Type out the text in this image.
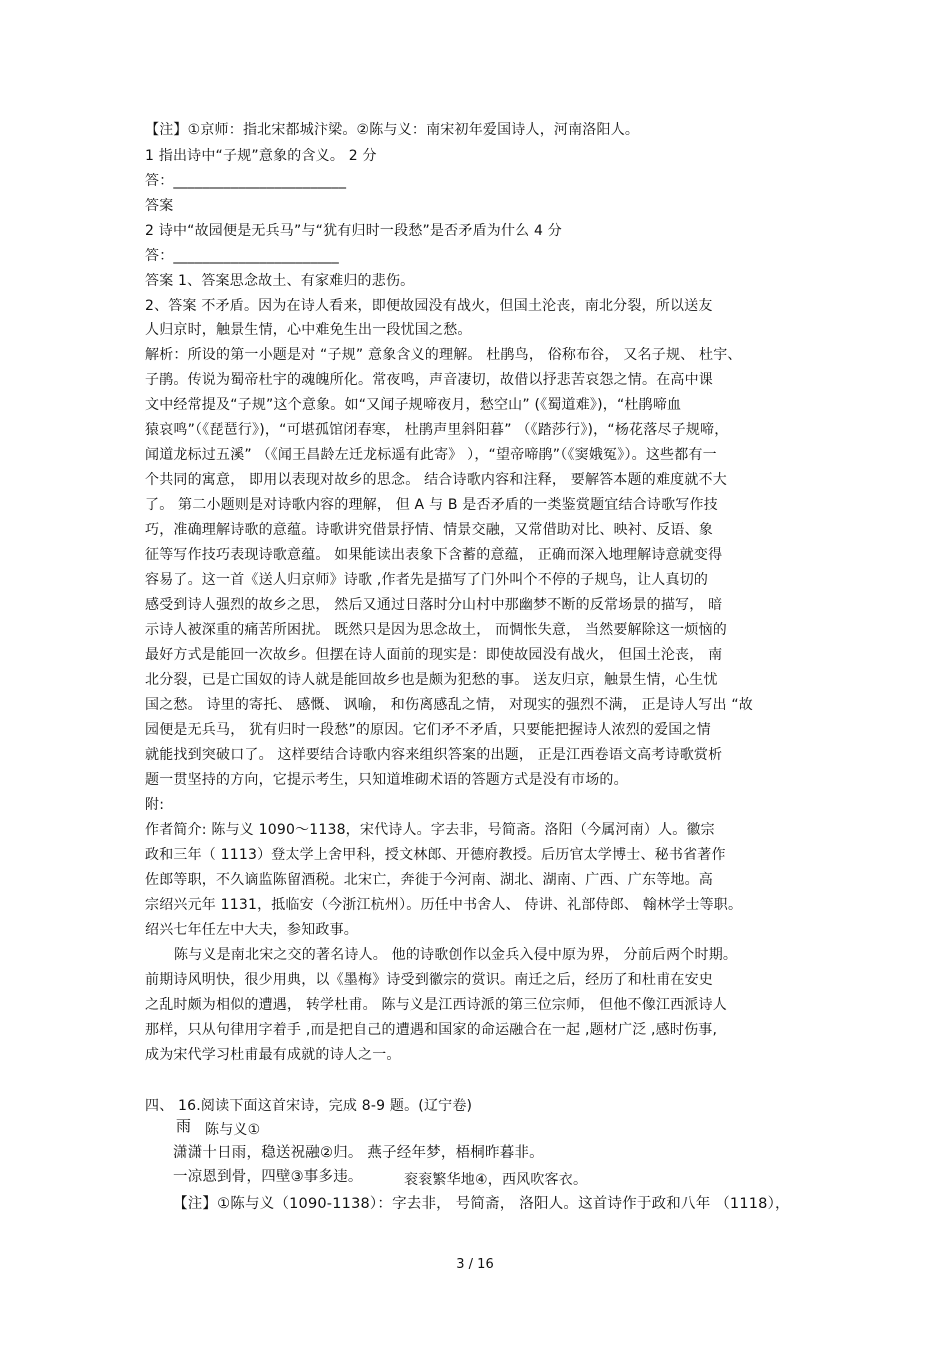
【注】①京师：指北宋都城汴梁。②陈与义：南宋初年爱国诗人，河南洛阳人。
1 指出诗中“子规”意象的含义。 2 分
答：________________________
答案
2 诗中“故园便是无兵马”与“犹有归时一段愁”是否矛盾为什么 4 分
答：_______________________
答案 1、答案思念故土、有家难归的悲伤。
2、答案 不矛盾。因为在诗人看来，即便故园没有战火，但国土沦丧，南北分裂，所以送友
人归京时，触景生情，心中难免生出一段忧国之愁。
解析：所设的第一小题是对 “子规” 意象含义的理解。 杜鹃鸟， 俗称布谷， 又名子规、 杜宇、
子鹃。传说为蜀帝杜宇的魂魄所化。常夜鸣，声音凄切，故借以抒悲苦哀怨之情。在高中课
文中经常提及“子规”这个意象。如“又闻子规啼夜月，愁空山” (《蜀道难》)，“杜鹃啼血
猿哀鸣”（《琵琶行》)，“可堪孤馆闭春寒， 杜鹃声里斜阳暮” （《踏莎行》)，“杨花落尽子规啼，
闻道龙标过五溪” （《闻王昌龄左迁龙标遥有此寄》 ），“望帝啼鹃”（《窦娥冤》）。这些都有一
个共同的寓意， 即用以表现对故乡的思念。 结合诗歌内容和注释， 要解答本题的难度就不大
了。 第二小题则是对诗歌内容的理解， 但 A 与 B 是否矛盾的一类鉴赏题宜结合诗歌写作技
巧，准确理解诗歌的意蕴。诗歌讲究借景抒情、情景交融，又常借助对比、映衬、反语、象
征等写作技巧表现诗歌意蕴。 如果能读出表象下含蓄的意蕴， 正确而深入地理解诗意就变得
容易了。这一首《送人归京师》诗歌 ,作者先是描写了门外叫个不停的子规鸟，让人真切的
感受到诗人强烈的故乡之思， 然后又通过日落时分山村中那幽梦不断的反常场景的描写， 暗
示诗人被深重的痛苦所困扰。 既然只是因为思念故土， 而惆怅失意， 当然要解除这一烦恼的
最好方式是能回一次故乡。但摆在诗人面前的现实是：即使故园没有战火， 但国土沦丧， 南
北分裂，已是亡国奴的诗人就是能回故乡也是颇为犯愁的事。 送友归京，触景生情，心生忧
国之愁。 诗里的寄托、 感慨、 讽喻， 和伤离感乱之情， 对现实的强烈不满， 正是诗人写出 “故
园便是无兵马， 犹有归时一段愁”的原因。它们矛不矛盾，只要能把握诗人浓烈的爱国之情
就能找到突破口了。 这样要结合诗歌内容来组织答案的出题， 正是江西卷语文高考诗歌赏析
题一贯坚持的方向，它提示考生，只知道堆砌术语的答题方式是没有市场的。
附:
作者简介: 陈与义 1090～1138，宋代诗人。字去非，号简斋。洛阳（今属河南）人。徽宗
政和三年（ 1113）登太学上舍甲科，授文林郎、开德府教授。后历官太学博士、秘书省著作
佐郎等职，不久谪监陈留酒税。北宋亡，奔徙于今河南、湖北、湖南、广西、广东等地。高
宗绍兴元年 1131，抵临安（今浙江杭州）。历任中书舍人、 侍讲、礼部侍郎、 翰林学士等职。
绍兴七年任左中大夫，参知政事。
陈与义是南北宋之交的著名诗人。 他的诗歌创作以金兵入侵中原为界， 分前后两个时期。
前期诗风明快，很少用典，以《墨梅》诗受到徽宗的赏识。南迁之后，经历了和杜甫在安史
之乱时颇为相似的遭遇， 转学杜甫。 陈与义是江西诗派的第三位宗师， 但他不像江西派诗人
那样，只从句律用字着手 ,而是把自己的遭遇和国家的命运融合在一起 ,题材广泛 ,感时伤事,
成为宋代学习杜甫最有成就的诗人之一。
四、 16.阅读下面这首宋诗，完成 8-9 题。(辽宁卷)
雨 陈与义①
潇潇十日雨，稳送祝融②归。 燕子经年梦，梧桐昨暮非。
一凉恩到骨，四壁③事多违。	衮衮繁华地④，西风吹客衣。
【注】①陈与义（1090-1138）：字去非， 号简斋， 洛阳人。这首诗作于政和八年 （1118），
3 / 16
